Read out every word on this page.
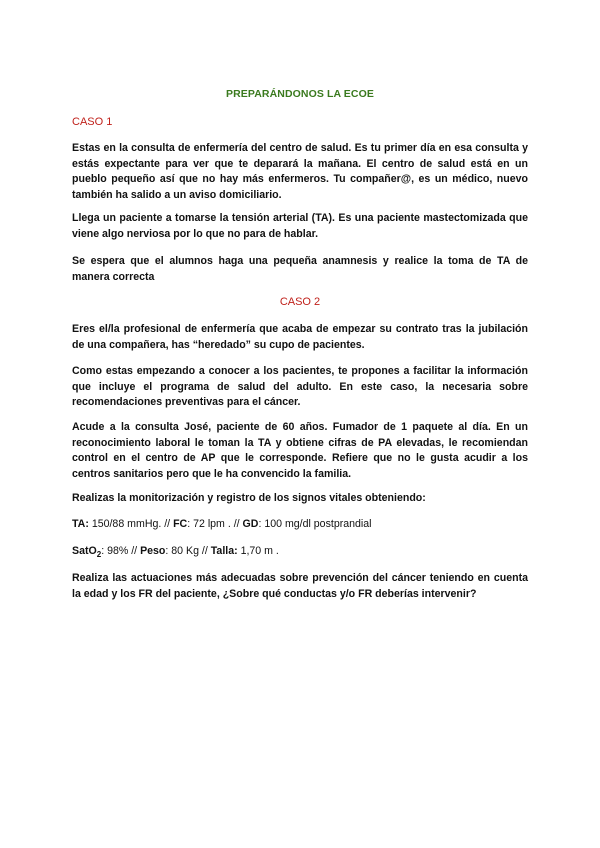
PREPARÁNDONOS LA ECOE
CASO 1
Estas en la consulta de enfermería del centro de salud. Es tu primer día en esa consulta y estás expectante para ver que te deparará la mañana. El centro de salud está en un pueblo pequeño así que no hay más enfermeros. Tu compañer@, es un médico, nuevo también ha salido a un aviso domiciliario.
Llega un paciente a tomarse la tensión arterial (TA). Es una paciente mastectomizada que viene algo nerviosa por lo que no para de hablar.
Se espera que el alumnos haga una pequeña anamnesis y realice la toma de TA de manera correcta
CASO 2
Eres el/la profesional de enfermería que acaba de empezar su contrato tras la jubilación de una compañera, has “heredado” su cupo de pacientes.
Como estas empezando a conocer a los pacientes, te propones a facilitar la información que incluye el programa de salud del adulto. En este caso, la necesaria sobre recomendaciones preventivas para el cáncer.
Acude a la consulta José, paciente de 60 años. Fumador de 1 paquete al día. En un reconocimiento laboral le toman la TA y obtiene cifras de PA elevadas, le recomiendan control en el centro de AP que le corresponde. Refiere que no le gusta acudir a los centros sanitarios pero que le ha convencido la familia.
Realizas la monitorización y registro de los signos vitales obteniendo:
TA: 150/88 mmHg. // FC: 72 lpm . // GD: 100 mg/dl postprandial
SatO$_2$: 98% // Peso: 80 Kg // Talla: 1,70 m .
Realiza las actuaciones más adecuadas sobre prevención del cáncer teniendo en cuenta la edad y los FR del paciente, ¿Sobre qué conductas y/o FR deberías intervenir?
